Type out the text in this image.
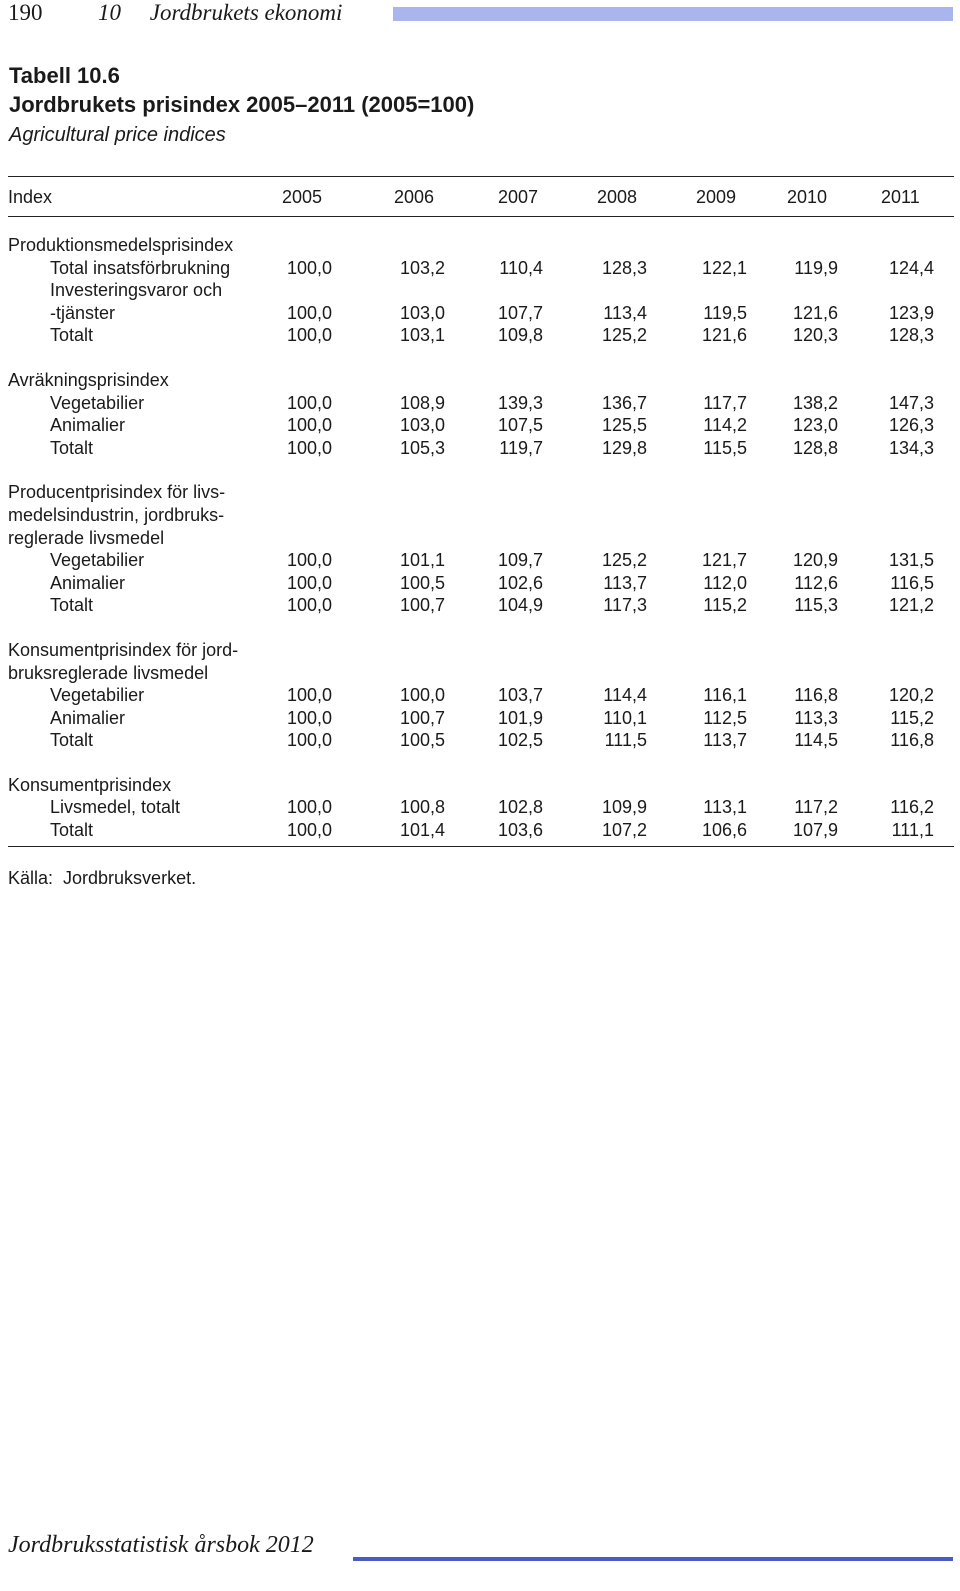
190 10     Jordbrukets ekonomi
Tabell 10.6
Jordbrukets prisindex 2005–2011 (2005=100)
Agricultural price indices
Index	2005	2006	2007	2008	2009	2010	2011
Produktionsmedelsprisindex
Total insatsförbrukning	100,0	103,2	110,4	128,3	122,1	119,9	124,4
Investeringsvaror och
-tjänster	100,0	103,0	107,7	113,4	119,5	121,6	123,9
Totalt	100,0	103,1	109,8	125,2	121,6	120,3	128,3
Avräkningsprisindex
Vegetabilier	100,0	108,9	139,3	136,7	117,7	138,2	147,3
Animalier	100,0	103,0	107,5	125,5	114,2	123,0	126,3
Totalt	100,0	105,3	119,7	129,8	115,5	128,8	134,3
Producentprisindex för livs-
medelsindustrin, jordbruks-
reglerade livsmedel
Vegetabilier	100,0	101,1	109,7	125,2	121,7	120,9	131,5
Animalier	100,0	100,5	102,6	113,7	112,0	112,6	116,5
Totalt	100,0	100,7	104,9	117,3	115,2	115,3	121,2
Konsumentprisindex för jord-
bruksreglerade livsmedel
Vegetabilier	100,0	100,0	103,7	114,4	116,1	116,8	120,2
Animalier	100,0	100,7	101,9	110,1	112,5	113,3	115,2
Totalt	100,0	100,5	102,5	111,5	113,7	114,5	116,8
Konsumentprisindex
Livsmedel, totalt	100,0	100,8	102,8	109,9	113,1	117,2	116,2
Totalt	100,0	101,4	103,6	107,2	106,6	107,9	111,1
Källa:  Jordbruksverket.
Jordbruksstatistisk årsbok 2012
